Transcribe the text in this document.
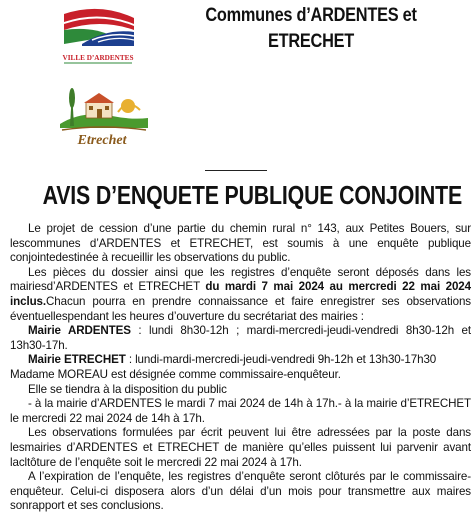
VILLE D’ARDENTES
Communes d’ARDENTES et
ETRECHET
Etrechet
AVIS D’ENQUETE PUBLIQUE CONJOINTE

Le projet de cession d’une partie du chemin rural n° 143, aux Petites Bouers, sur lescommunes d’ARDENTES et ETRECHET, est soumis à une enquête publique conjointedestinée à recueillir les observations du public.

Les pièces du dossier ainsi que les registres d’enquête seront déposés dans les mairiesd’ARDENTES et ETRECHET du mardi 7 mai 2024 au mercredi 22 mai 2024 inclus.Chacun pourra en prendre connaissance et faire enregistrer ses observations éventuellespendant les heures d’ouverture du secrétariat des mairies :

Mairie ARDENTES : lundi 8h30-12h ; mardi-mercredi-jeudi-vendredi 8h30-12h et 13h30-17h.

Mairie ETRECHET : lundi-mardi-mercredi-jeudi-vendredi 9h-12h et 13h30-17h30

Madame MOREAU est désignée comme commissaire-enquêteur.

Elle se tiendra à la disposition du public

- à la mairie d’ARDENTES le mardi 7 mai 2024 de 14h à 17h.- à la mairie d’ETRECHET le mercredi 22 mai 2024 de 14h à 17h.

Les observations formulées par écrit peuvent lui être adressées par la poste dans lesmairies d’ARDENTES et ETRECHET de manière qu’elles puissent lui parvenir avant lacltôture de l’enquête soit le mercredi 22 mai 2024 à 17h.

A l’expiration de l’enquête, les registres d’enquête seront clôturés par le commissaire-enquêteur. Celui-ci disposera alors d’un délai d’un mois pour transmettre aux maires sonrapport et ses conclusions.
